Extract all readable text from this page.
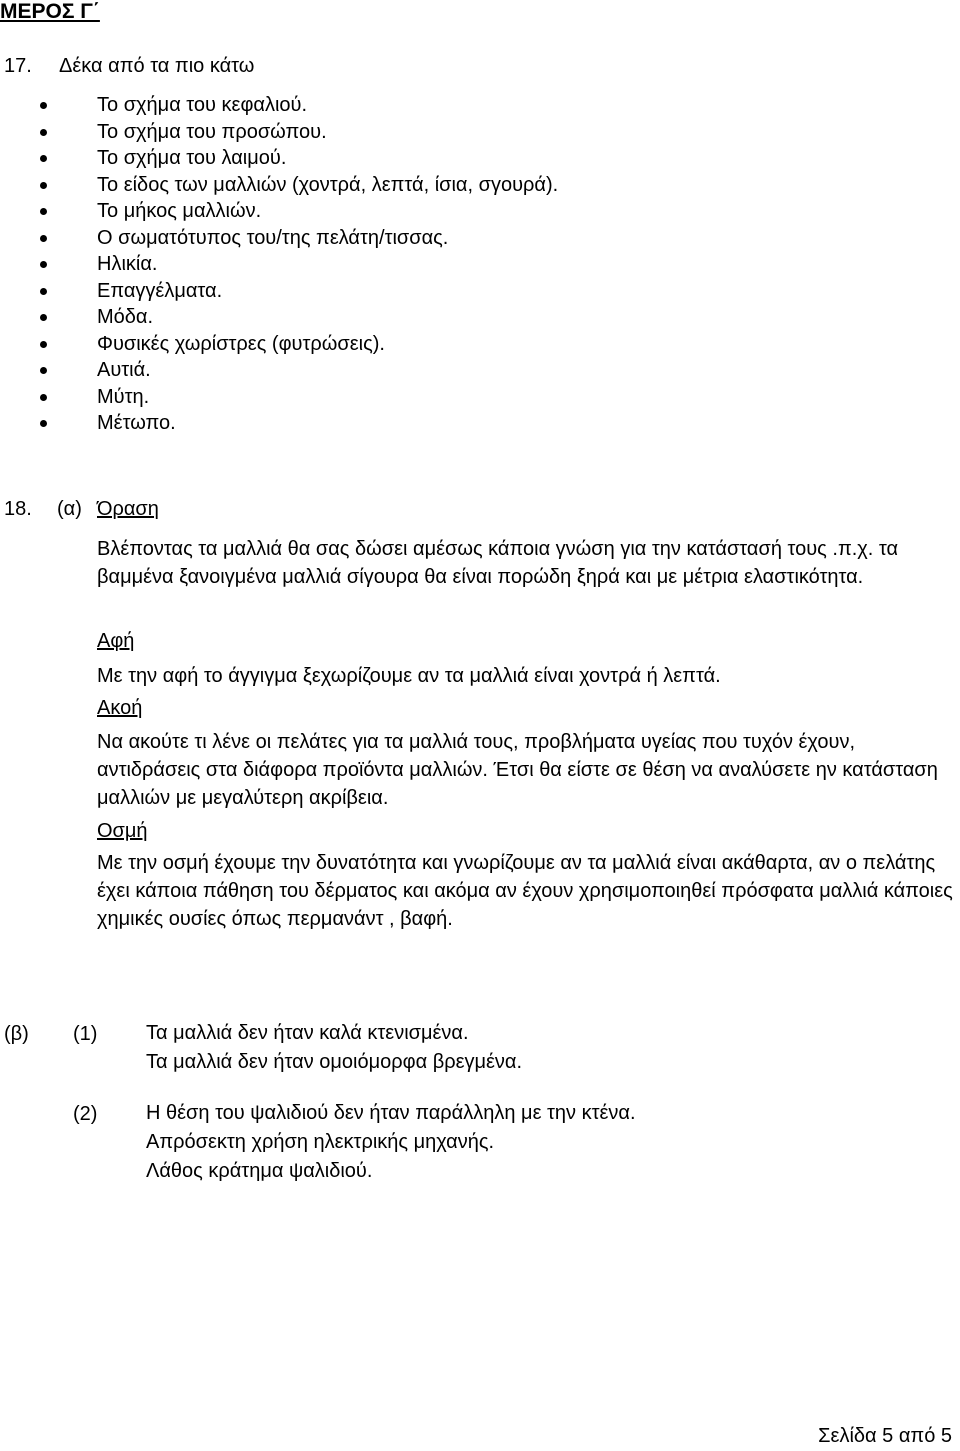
ΜΕΡΟΣ Γ΄
17. Δέκα από τα πιο κάτω
Το σχήμα του κεφαλιού.
Το σχήμα του προσώπου.
Το σχήμα του λαιμού.
Το είδος των μαλλιών (χοντρά, λεπτά, ίσια, σγουρά).
Το μήκος μαλλιών.
Ο σωματότυπος του/της πελάτη/τισσας.
Ηλικία.
Επαγγέλματα.
Μόδα.
Φυσικές χωρίστρες (φυτρώσεις).
Αυτιά.
Μύτη.
Μέτωπο.
18. (α) Όραση
Βλέποντας τα μαλλιά θα σας δώσει αμέσως κάποια γνώση για την κατάστασή τους .π.χ. τα βαμμένα ξανοιγμένα μαλλιά σίγουρα θα είναι πορώδη ξηρά και με μέτρια ελαστικότητα.
Αφή
Με την αφή το άγγιγμα ξεχωρίζουμε αν τα μαλλιά είναι χοντρά ή λεπτά.
Ακοή
Να ακούτε τι λένε οι πελάτες για τα μαλλιά τους, προβλήματα υγείας που τυχόν έχουν, αντιδράσεις στα διάφορα προϊόντα μαλλιών. Έτσι θα είστε σε θέση να αναλύσετε ην κατάσταση μαλλιών με μεγαλύτερη ακρίβεια.
Οσμή
Με την οσμή έχουμε την δυνατότητα και γνωρίζουμε αν τα μαλλιά είναι ακάθαρτα, αν ο πελάτης έχει κάποια πάθηση του δέρματος και ακόμα αν έχουν χρησιμοποιηθεί πρόσφατα μαλλιά κάποιες χημικές ουσίες όπως περμανάντ , βαφή.
(β) (1) Τα μαλλιά δεν ήταν καλά κτενισμένα.
Τα μαλλιά δεν ήταν ομοιόμορφα βρεγμένα.
(2) Η θέση του ψαλιδιού δεν ήταν παράλληλη με την κτένα.
Απρόσεκτη χρήση ηλεκτρικής μηχανής.
Λάθος κράτημα ψαλιδιού.
Σελίδα 5 από 5
